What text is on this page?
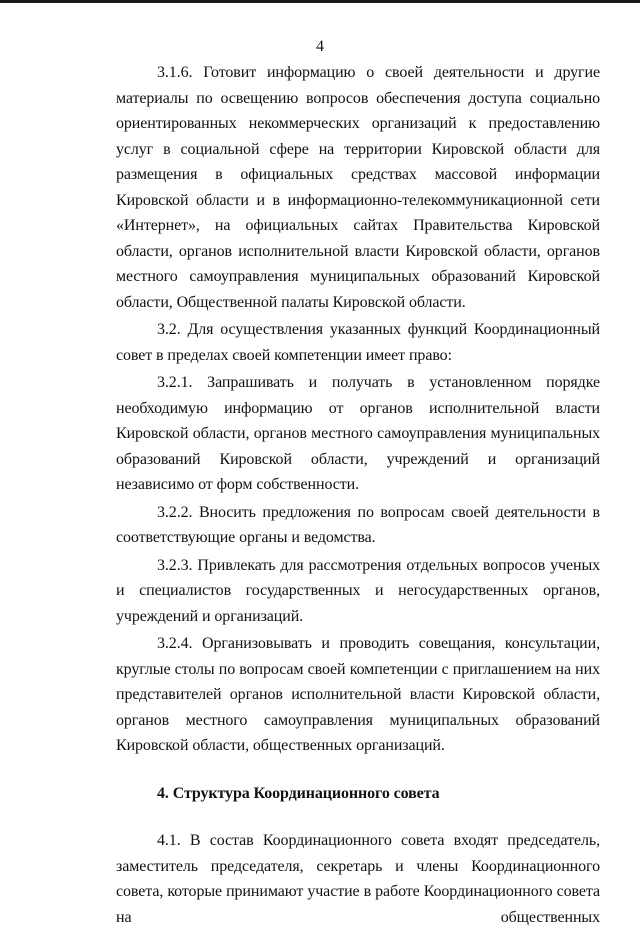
4

3.1.6. Готовит информацию о своей деятельности и другие материалы по освещению вопросов обеспечения доступа социально ориентированных некоммерческих организаций к предоставлению услуг в социальной сфере на территории Кировской области для размещения в официальных средствах массовой информации Кировской области и в информационно-телекоммуникационной сети «Интернет», на официальных сайтах Правительства Кировской области, органов исполнительной власти Кировской области, органов местного самоуправления муниципальных образований Кировской области, Общественной палаты Кировской области.

3.2. Для осуществления указанных функций Координационный совет в пределах своей компетенции имеет право:

3.2.1. Запрашивать и получать в установленном порядке необходимую информацию от органов исполнительной власти Кировской области, органов местного самоуправления муниципальных образований Кировской области, учреждений и организаций независимо от форм собственности.

3.2.2. Вносить предложения по вопросам своей деятельности в соответствующие органы и ведомства.

3.2.3. Привлекать для рассмотрения отдельных вопросов ученых и специалистов государственных и негосударственных органов, учреждений и организаций.

3.2.4. Организовывать и проводить совещания, консультации, круглые столы по вопросам своей компетенции с приглашением на них представителей органов исполнительной власти Кировской области, органов местного самоуправления муниципальных образований Кировской области, общественных организаций.

4. Структура Координационного совета

4.1. В состав Координационного совета входят председатель, заместитель председателя, секретарь и члены Координационного совета, которые принимают участие в работе Координационного совета на общественных
